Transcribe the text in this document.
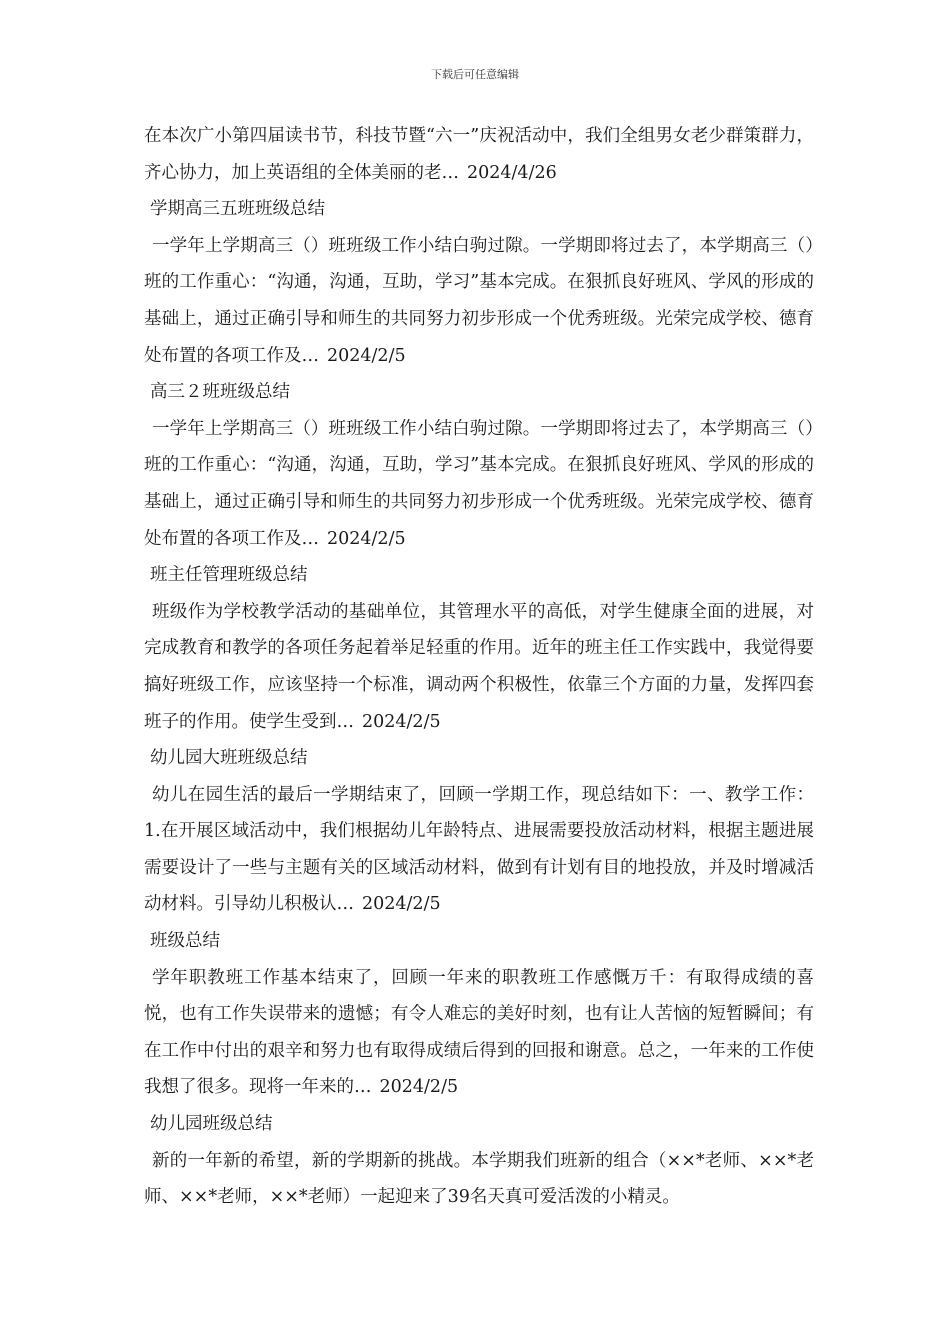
下载后可任意编辑

在本次广小第四届读书节，科技节暨“六一”庆祝活动中，我们全组男女老少群策群力，齐心协力，加上英语组的全体美丽的老… 2024/4/26

学期高三五班班级总结

一学年上学期高三（）班班级工作小结白驹过隙。一学期即将过去了，本学期高三（）班的工作重心：“沟通，沟通，互助，学习”基本完成。在狠抓良好班风、学风的形成的基础上，通过正确引导和师生的共同努力初步形成一个优秀班级。光荣完成学校、德育处布置的各项工作及… 2024/2/5

高三２班班级总结

一学年上学期高三（）班班级工作小结白驹过隙。一学期即将过去了，本学期高三（）班的工作重心：“沟通，沟通，互助，学习”基本完成。在狠抓良好班风、学风的形成的基础上，通过正确引导和师生的共同努力初步形成一个优秀班级。光荣完成学校、德育处布置的各项工作及… 2024/2/5

班主任管理班级总结

班级作为学校教学活动的基础单位，其管理水平的高低，对学生健康全面的进展，对完成教育和教学的各项任务起着举足轻重的作用。近年的班主任工作实践中，我觉得要搞好班级工作，应该坚持一个标准，调动两个积极性，依靠三个方面的力量，发挥四套班子的作用。使学生受到… 2024/2/5

幼儿园大班班级总结

幼儿在园生活的最后一学期结束了，回顾一学期工作，现总结如下：一、教学工作： 1.在开展区域活动中，我们根据幼儿年龄特点、进展需要投放活动材料，根据主题进展需要设计了一些与主题有关的区域活动材料，做到有计划有目的地投放，并及时增减活动材料。引导幼儿积极认… 2024/2/5

班级总结

学年职教班工作基本结束了，回顾一年来的职教班工作感慨万千：有取得成绩的喜悦，也有工作失误带来的遗憾；有令人难忘的美好时刻，也有让人苦恼的短暂瞬间；有在工作中付出的艰辛和努力也有取得成绩后得到的回报和谢意。总之，一年来的工作使我想了很多。现将一年来的… 2024/2/5

幼儿园班级总结

新的一年新的希望，新的学期新的挑战。本学期我们班新的组合（××*老师、××*老师、××*老师，××*老师）一起迎来了39名天真可爱活泼的小精灵。
